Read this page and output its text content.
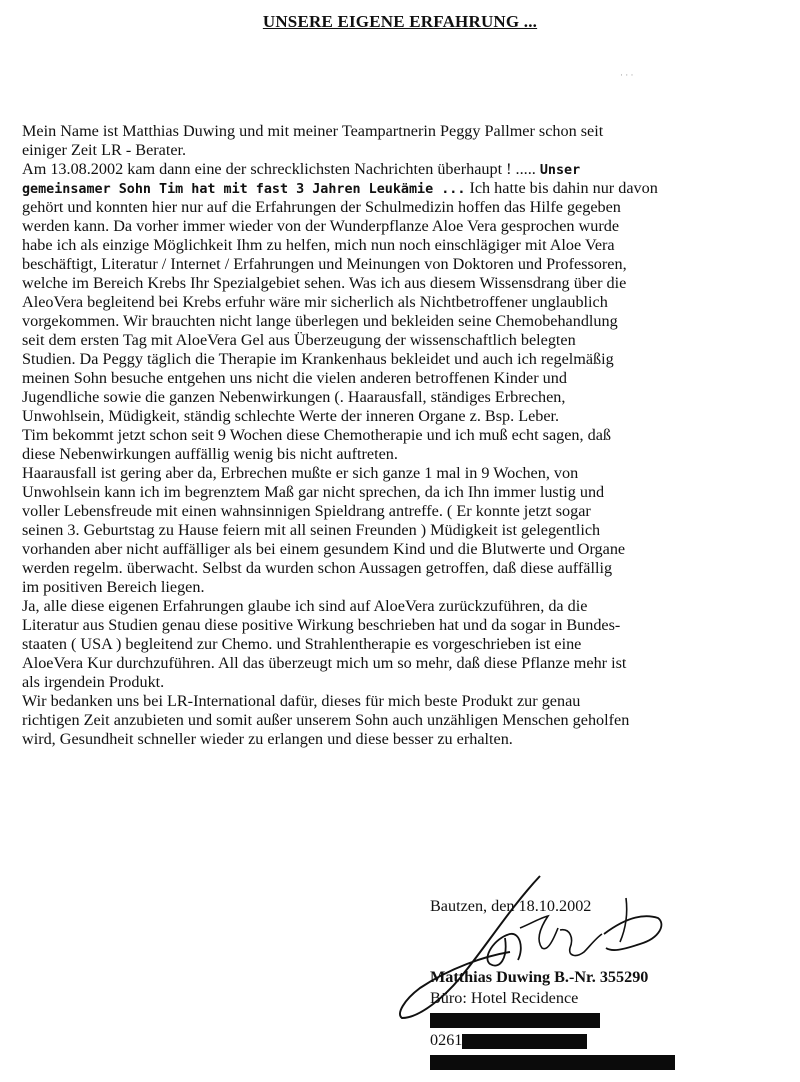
UNSERE EIGENE ERFAHRUNG ...
· · ·
Mein Name ist Matthias Duwing und mit meiner Teampartnerin Peggy Pallmer schon seit
einiger Zeit LR - Berater.
Am 13.08.2002 kam dann eine der schrecklichsten Nachrichten überhaupt ! ..... Unser
gemeinsamer Sohn Tim hat mit fast 3 Jahren Leukämie ... Ich hatte bis dahin nur davon
gehört und konnten hier nur auf die Erfahrungen der Schulmedizin hoffen das Hilfe gegeben
werden kann. Da vorher immer wieder von der Wunderpflanze Aloe Vera gesprochen wurde
habe ich als einzige Möglichkeit Ihm zu helfen, mich nun noch einschlägiger mit Aloe Vera
beschäftigt, Literatur / Internet / Erfahrungen und Meinungen von Doktoren und Professoren,
welche im Bereich Krebs Ihr Spezialgebiet sehen. Was ich aus diesem Wissensdrang über die
AleoVera begleitend bei Krebs erfuhr wäre mir sicherlich als Nichtbetroffener unglaublich
vorgekommen. Wir brauchten nicht lange überlegen und bekleiden seine Chemobehandlung
seit dem ersten Tag mit AloeVera Gel aus Überzeugung der wissenschaftlich belegten
Studien. Da Peggy täglich die Therapie im Krankenhaus bekleidet und auch ich regelmäßig
meinen Sohn besuche entgehen uns nicht die vielen anderen betroffenen Kinder und
Jugendliche sowie die ganzen Nebenwirkungen (. Haarausfall, ständiges Erbrechen,
Unwohlsein, Müdigkeit, ständig schlechte Werte der inneren Organe z. Bsp. Leber.
Tim bekommt jetzt schon seit 9 Wochen diese Chemotherapie und ich muß echt sagen, daß
diese Nebenwirkungen auffällig wenig bis nicht auftreten.
Haarausfall ist gering aber da, Erbrechen mußte er sich ganze 1 mal in 9 Wochen, von
Unwohlsein kann ich im begrenztem Maß gar nicht sprechen, da ich Ihn immer lustig und
voller Lebensfreude mit einen wahnsinnigen Spieldrang antreffe. ( Er konnte jetzt sogar
seinen 3. Geburtstag zu Hause feiern mit all seinen Freunden ) Müdigkeit ist gelegentlich
vorhanden aber nicht auffälliger als bei einem gesundem Kind und die Blutwerte und Organe
werden regelm. überwacht. Selbst da wurden schon Aussagen getroffen, daß diese auffällig
im positiven Bereich liegen.
Ja, alle diese eigenen Erfahrungen glaube ich sind auf AloeVera zurückzuführen, da die
Literatur aus Studien genau diese positive Wirkung beschrieben hat und da sogar in Bundes-
staaten ( USA ) begleitend zur Chemo. und Strahlentherapie es vorgeschrieben ist eine
AloeVera Kur durchzuführen. All das überzeugt mich um so mehr, daß diese Pflanze mehr ist
als irgendein Produkt.
Wir bedanken uns bei LR-International dafür, dieses für mich beste Produkt zur genau
richtigen Zeit anzubieten und somit außer unserem Sohn auch unzähligen Menschen geholfen
wird, Gesundheit schneller wieder zu erlangen und diese besser zu erhalten.
Bautzen, den 18.10.2002
Matthias Duwing B.-Nr. 355290
Büro: Hotel Recidence
0261
